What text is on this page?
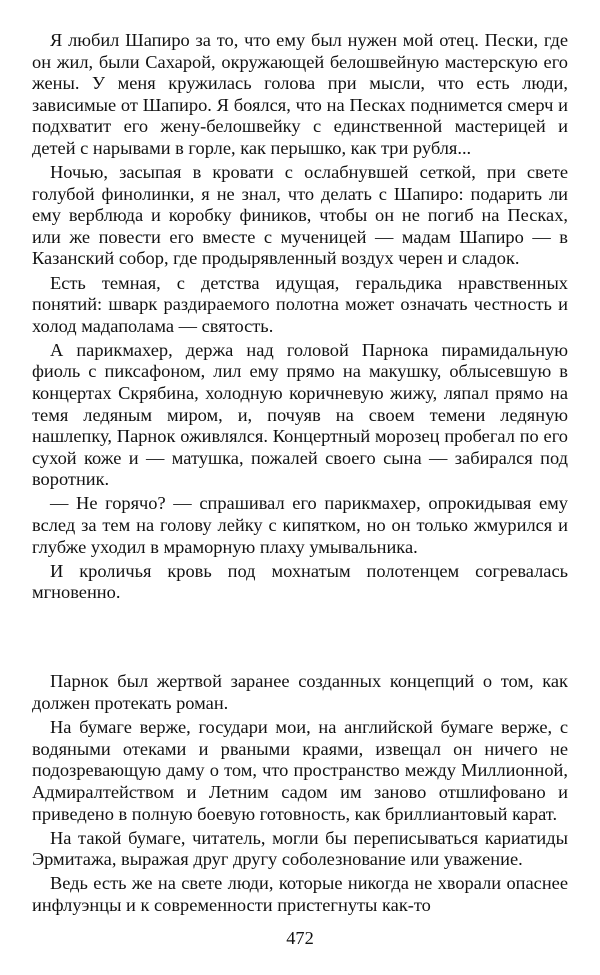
Я любил Шапиро за то, что ему был нужен мой отец. Пески, где он жил, были Сахарой, окружающей белошвейную мастерскую его жены. У меня кружилась голова при мысли, что есть люди, зависимые от Шапиро. Я боялся, что на Песках поднимется смерч и подхватит его жену-белошвейку с единственной мастерицей и детей с нарывами в горле, как перышко, как три рубля...

Ночью, засыпая в кровати с ослабнувшей сеткой, при свете голубой финолинки, я не знал, что делать с Шапиро: подарить ли ему верблюда и коробку фиников, чтобы он не погиб на Песках, или же повести его вместе с мученицей — мадам Шапиро — в Казанский собор, где продырявленный воздух черен и сладок.

Есть темная, с детства идущая, геральдика нравственных понятий: шварк раздираемого полотна может означать честность и холод мадаполама — святость.

А парикмахер, держа над головой Парнока пирамидальную фиоль с пиксафоном, лил ему прямо на макушку, облысевшую в концертах Скрябина, холодную коричневую жижу, ляпал прямо на темя ледяным миром, и, почуяв на своем темени ледяную нашлепку, Парнок оживлялся. Концертный морозец пробегал по его сухой коже и — матушка, пожалей своего сына — забирался под воротник.

— Не горячо? — спрашивал его парикмахер, опрокидывая ему вслед за тем на голову лейку с кипятком, но он только жмурился и глубже уходил в мраморную плаху умывальника.

И кроличья кровь под мохнатым полотенцем согревалась мгновенно.

Парнок был жертвой заранее созданных концепций о том, как должен протекать роман.

На бумаге верже, государи мои, на английской бумаге верже, с водяными отеками и рваными краями, извещал он ничего не подозревающую даму о том, что пространство между Миллионной, Адмиралтейством и Летним садом им заново отшлифовано и приведено в полную боевую готовность, как бриллиантовый карат.

На такой бумаге, читатель, могли бы переписываться кариатиды Эрмитажа, выражая друг другу соболезнование или уважение.

Ведь есть же на свете люди, которые никогда не хворали опаснее инфлуэнцы и к современности пристегнуты как-то

472
